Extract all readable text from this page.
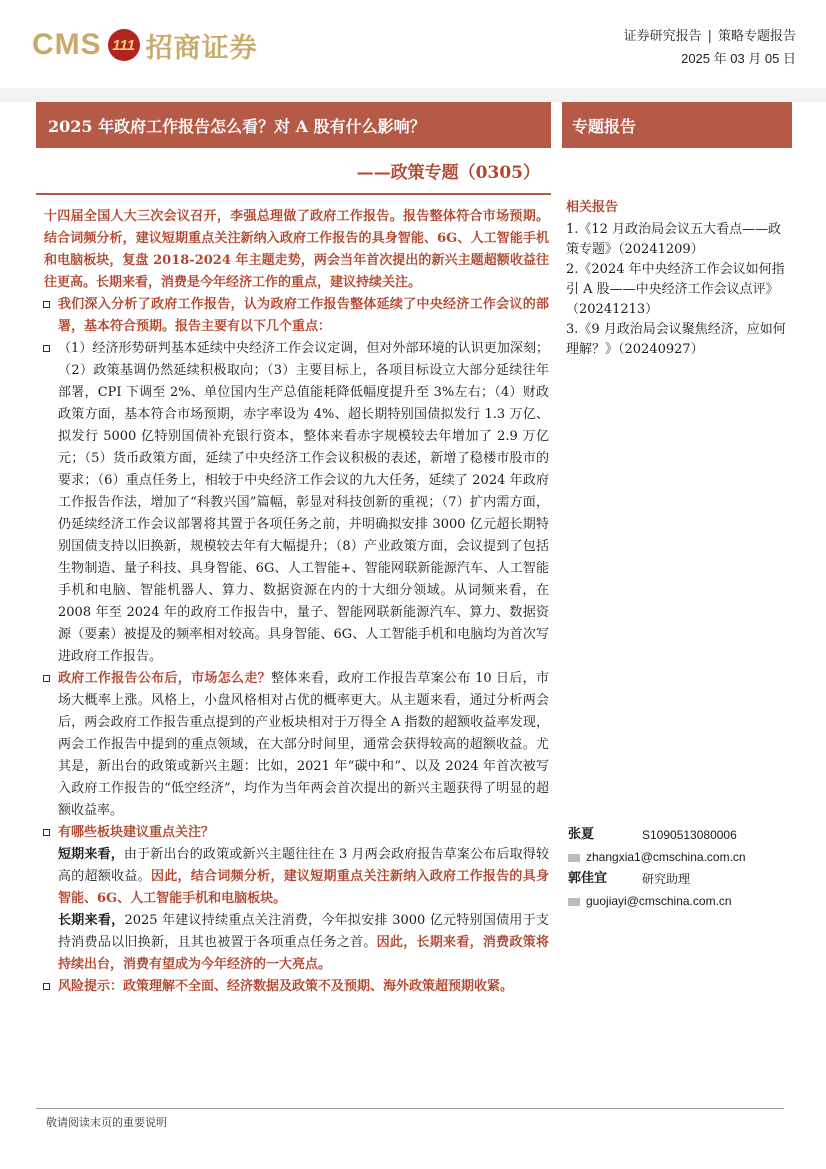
CMS 111 招商证券	证券研究报告 | 策略专题报告
2025 年 03 月 05 日
2025 年政府工作报告怎么看？对 A 股有什么影响？
——政策专题（0305）
专题报告

十四届全国人大三次会议召开，李强总理做了政府工作报告。报告整体符合市场预期。结合词频分析，建议短期重点关注新纳入政府工作报告的具身智能、6G、人工智能手机和电脑板块，复盘 2018-2024 年主题走势，两会当年首次提出的新兴主题超额收益往往更高。长期来看，消费是今年经济工作的重点，建议持续关注。

我们深入分析了政府工作报告，认为政府工作报告整体延续了中央经济工作会议的部署，基本符合预期。报告主要有以下几个重点：

（1）经济形势研判基本延续中央经济工作会议定调，但对外部环境的认识更加深刻；（2）政策基调仍然延续积极取向；（3）主要目标上，各项目标设立大部分延续往年部署，CPI 下调至 2%、单位国内生产总值能耗降低幅度提升至 3%左右；（4）财政政策方面，基本符合市场预期，赤字率设为 4%、超长期特别国债拟发行 1.3 万亿、拟发行 5000 亿特别国债补充银行资本，整体来看赤字规模较去年增加了 2.9 万亿元；（5）货币政策方面，延续了中央经济工作会议积极的表述，新增了稳楼市股市的要求；（6）重点任务上，相较于中央经济工作会议的九大任务，延续了 2024 年政府工作报告作法，增加了“科教兴国”篇幅，彰显对科技创新的重视；（7）扩内需方面，仍延续经济工作会议部署将其置于各项任务之前，并明确拟安排 3000 亿元超长期特别国债支持以旧换新，规模较去年有大幅提升；（8）产业政策方面，会议提到了包括生物制造、量子科技、具身智能、6G、人工智能+、智能网联新能源汽车、人工智能手机和电脑、智能机器人、算力、数据资源在内的十大细分领域。从词频来看，在 2008 年至 2024 年的政府工作报告中，量子、智能网联新能源汽车、算力、数据资源（要素）被提及的频率相对较高。具身智能、6G、人工智能手机和电脑均为首次写进政府工作报告。

政府工作报告公布后，市场怎么走？整体来看，政府工作报告草案公布 10 日后，市场大概率上涨。风格上，小盘风格相对占优的概率更大。从主题来看，通过分析两会后，两会政府工作报告重点提到的产业板块相对于万得全 A 指数的超额收益率发现，两会工作报告中提到的重点领域，在大部分时间里，通常会获得较高的超额收益。尤其是，新出台的政策或新兴主题：比如，2021 年“碳中和”、以及 2024 年首次被写入政府工作报告的“低空经济”，均作为当年两会首次提出的新兴主题获得了明显的超额收益率。

有哪些板块建议重点关注？

短期来看，由于新出台的政策或新兴主题往往在 3 月两会政府报告草案公布后取得较高的超额收益。因此，结合词频分析，建议短期重点关注新纳入政府工作报告的具身智能、6G、人工智能手机和电脑板块。

长期来看，2025 年建议持续重点关注消费，今年拟安排 3000 亿元特别国债用于支持消费品以旧换新，且其也被置于各项重点任务之首。因此，长期来看，消费政策将持续出台，消费有望成为今年经济的一大亮点。

风险提示：政策理解不全面、经济数据及政策不及预期、海外政策超预期收紧。

相关报告
1.《12 月政治局会议五大看点——政策专题》（20241209）
2.《2024 年中央经济工作会议如何指引 A 股——中央经济工作会议点评》（20241213）
3.《9 月政治局会议聚焦经济，应如何理解？》（20240927）
张夏	S1090513080006
zhangxia1@cmschina.com.cn
郭佳宜	研究助理
guojiayi@cmschina.com.cn
敬请阅读末页的重要说明
